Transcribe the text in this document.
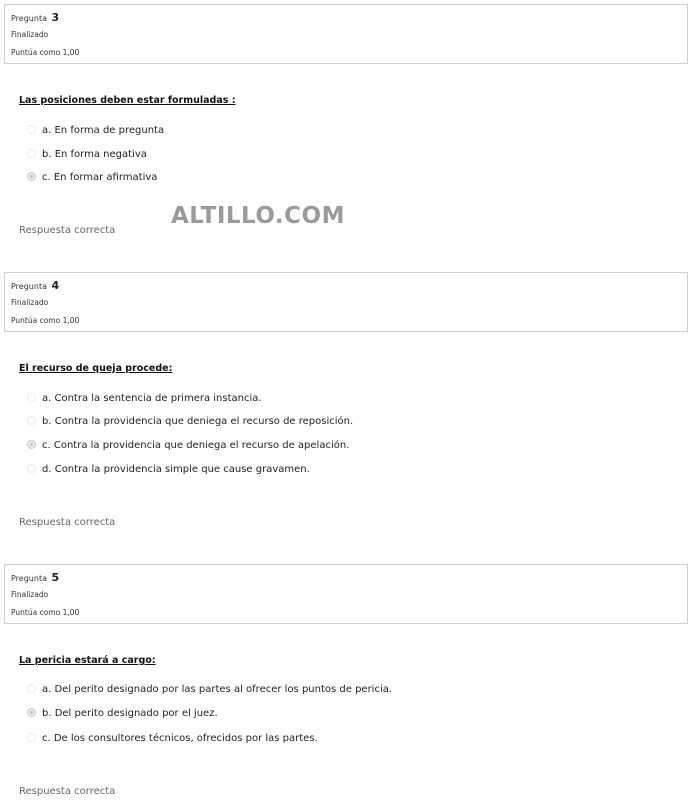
Pregunta 3
Finalizado
Puntúa como 1,00
Las posiciones deben estar formuladas :
a. En forma de pregunta
b. En forma negativa
c. En formar afirmativa
ALTILLO.COM
Respuesta correcta
Pregunta 4
Finalizado
Puntúa como 1,00
El recurso de queja procede:
a. Contra la sentencia de primera instancia.
b. Contra la providencia que deniega el recurso de reposición.
c. Contra la providencia que deniega el recurso de apelación.
d. Contra la providencia simple que cause gravamen.
Respuesta correcta
Pregunta 5
Finalizado
Puntúa como 1,00
La pericia estará a cargo:
a. Del perito designado por las partes al ofrecer los puntos de pericia.
b. Del perito designado por el juez.
c. De los consultores técnicos, ofrecidos por las partes.
Respuesta correcta
